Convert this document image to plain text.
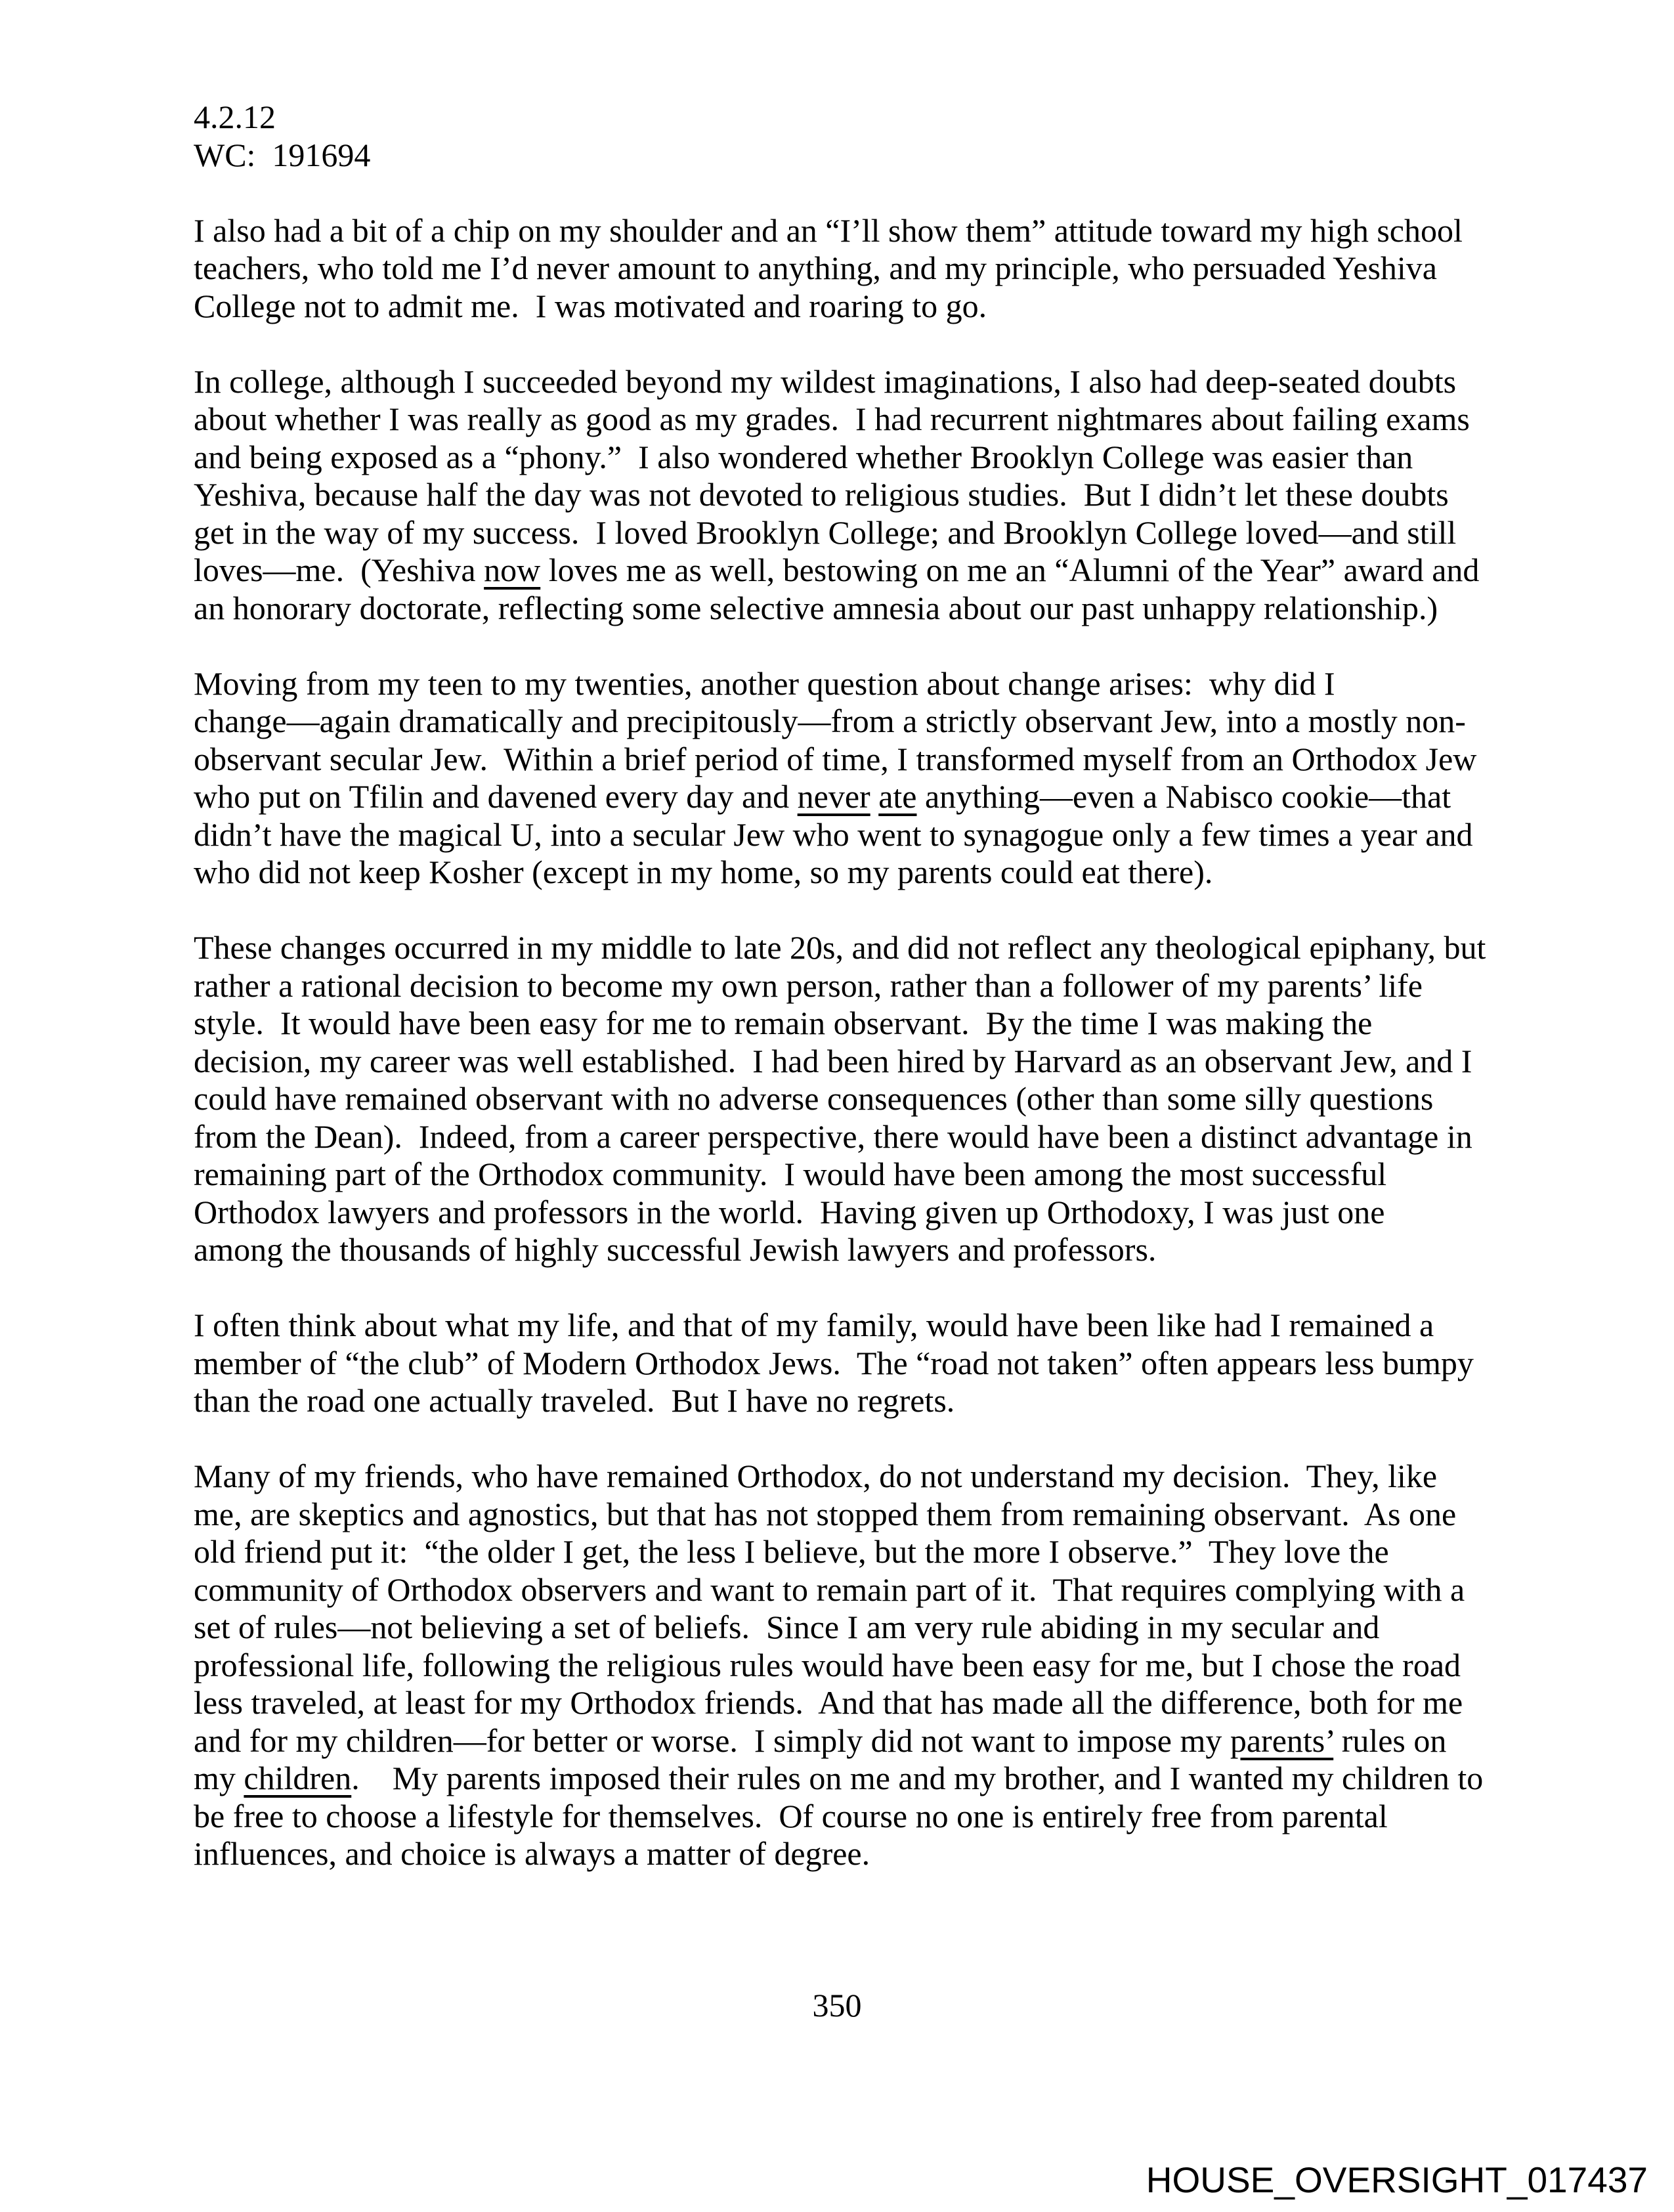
4.2.12
WC:  191694

I also had a bit of a chip on my shoulder and an “I’ll show them” attitude toward my high school
teachers, who told me I’d never amount to anything, and my principle, who persuaded Yeshiva
College not to admit me.  I was motivated and roaring to go.

In college, although I succeeded beyond my wildest imaginations, I also had deep-seated doubts
about whether I was really as good as my grades.  I had recurrent nightmares about failing exams
and being exposed as a “phony.”  I also wondered whether Brooklyn College was easier than
Yeshiva, because half the day was not devoted to religious studies.  But I didn’t let these doubts
get in the way of my success.  I loved Brooklyn College; and Brooklyn College loved—and still
loves—me.  (Yeshiva now loves me as well, bestowing on me an “Alumni of the Year” award and
an honorary doctorate, reflecting some selective amnesia about our past unhappy relationship.)

Moving from my teen to my twenties, another question about change arises:  why did I
change—again dramatically and precipitously—from a strictly observant Jew, into a mostly non-
observant secular Jew.  Within a brief period of time, I transformed myself from an Orthodox Jew
who put on Tfilin and davened every day and never ate anything—even a Nabisco cookie—that
didn’t have the magical U, into a secular Jew who went to synagogue only a few times a year and
who did not keep Kosher (except in my home, so my parents could eat there).

These changes occurred in my middle to late 20s, and did not reflect any theological epiphany, but
rather a rational decision to become my own person, rather than a follower of my parents’ life
style.  It would have been easy for me to remain observant.  By the time I was making the
decision, my career was well established.  I had been hired by Harvard as an observant Jew, and I
could have remained observant with no adverse consequences (other than some silly questions
from the Dean).  Indeed, from a career perspective, there would have been a distinct advantage in
remaining part of the Orthodox community.  I would have been among the most successful
Orthodox lawyers and professors in the world.  Having given up Orthodoxy, I was just one
among the thousands of highly successful Jewish lawyers and professors.

I often think about what my life, and that of my family, would have been like had I remained a
member of “the club” of Modern Orthodox Jews.  The “road not taken” often appears less bumpy
than the road one actually traveled.  But I have no regrets.

Many of my friends, who have remained Orthodox, do not understand my decision.  They, like
me, are skeptics and agnostics, but that has not stopped them from remaining observant.  As one
old friend put it:  “the older I get, the less I believe, but the more I observe.”  They love the
community of Orthodox observers and want to remain part of it.  That requires complying with a
set of rules—not believing a set of beliefs.  Since I am very rule abiding in my secular and
professional life, following the religious rules would have been easy for me, but I chose the road
less traveled, at least for my Orthodox friends.  And that has made all the difference, both for me
and for my children—for better or worse.  I simply did not want to impose my parents’ rules on
my children.    My parents imposed their rules on me and my brother, and I wanted my children to
be free to choose a lifestyle for themselves.  Of course no one is entirely free from parental
influences, and choice is always a matter of degree.

350
HOUSE_OVERSIGHT_017437
